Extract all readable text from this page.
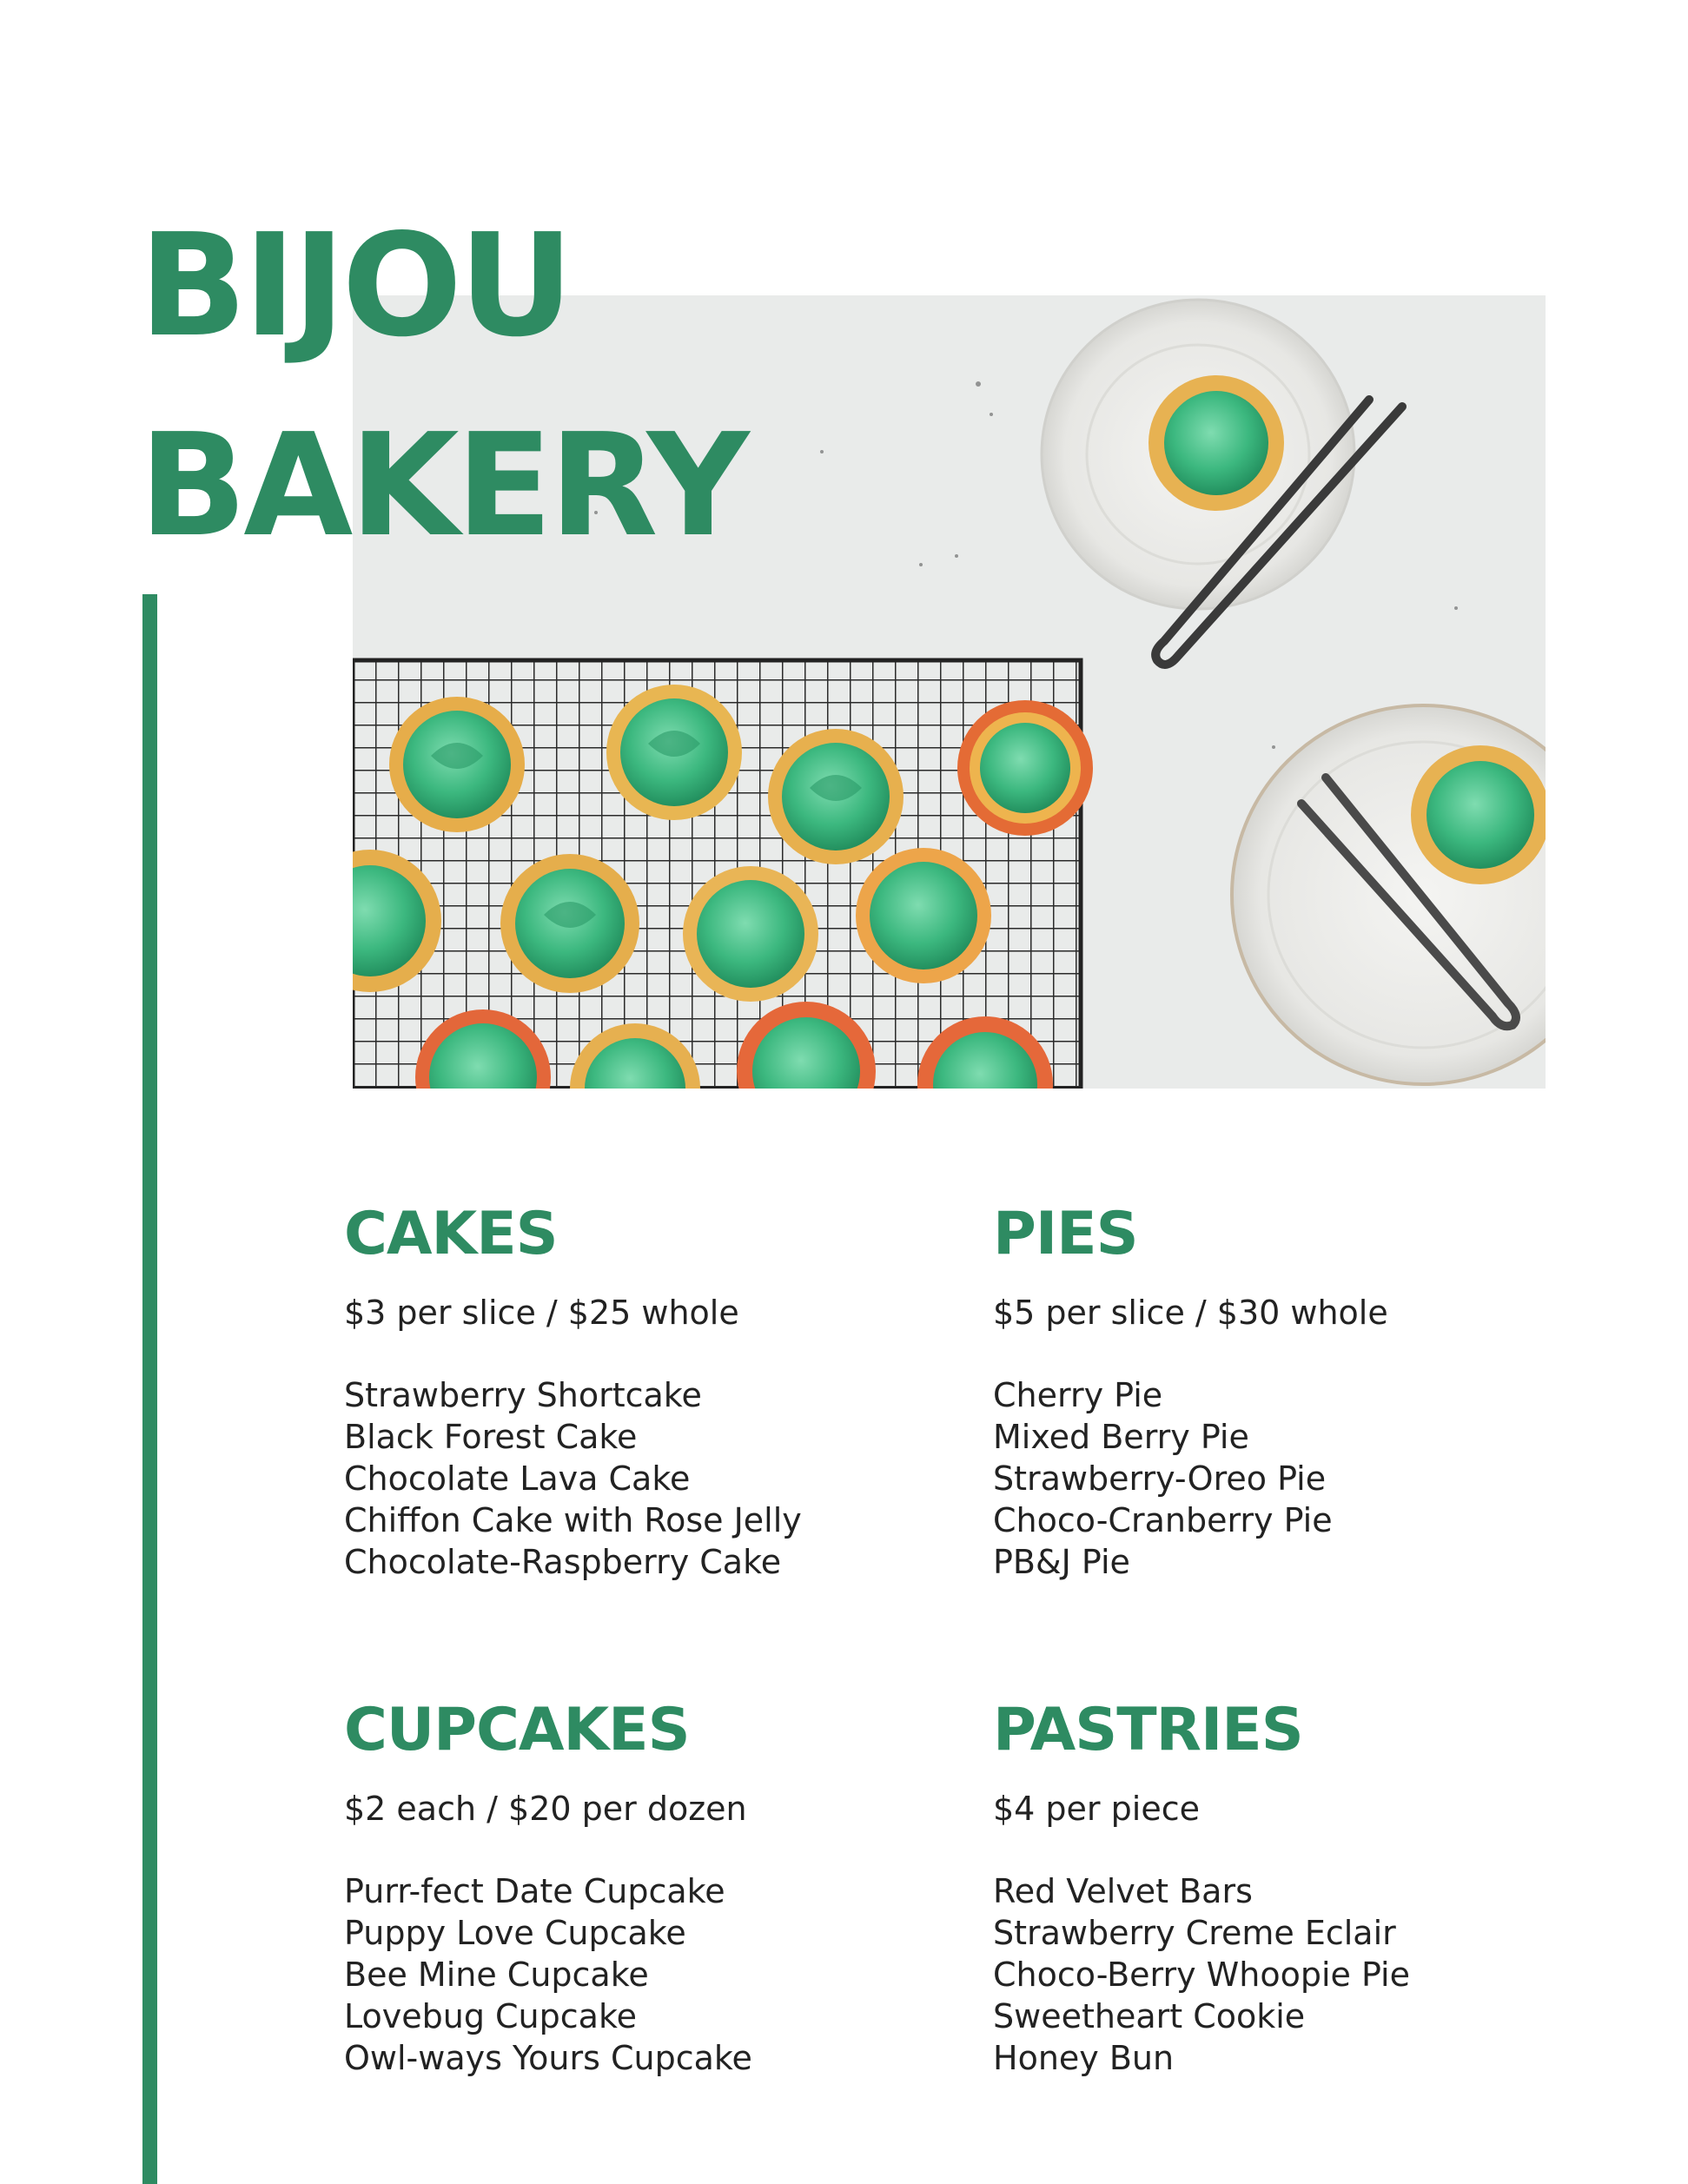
BIJOU
BAKERY
CAKES

$3 per slice / $25 whole

Strawberry Shortcake
Black Forest Cake
Chocolate Lava Cake
Chiffon Cake with Rose Jelly
Chocolate-Raspberry Cake
PIES

$5 per slice / $30 whole

Cherry Pie
Mixed Berry Pie
Strawberry-Oreo Pie
Choco-Cranberry Pie
PB&J Pie
CUPCAKES

$2 each / $20 per dozen

Purr-fect Date Cupcake
Puppy Love Cupcake
Bee Mine Cupcake
Lovebug Cupcake
Owl-ways Yours Cupcake
PASTRIES

$4 per piece

Red Velvet Bars
Strawberry Creme Eclair
Choco-Berry Whoopie Pie
Sweetheart Cookie
Honey Bun
